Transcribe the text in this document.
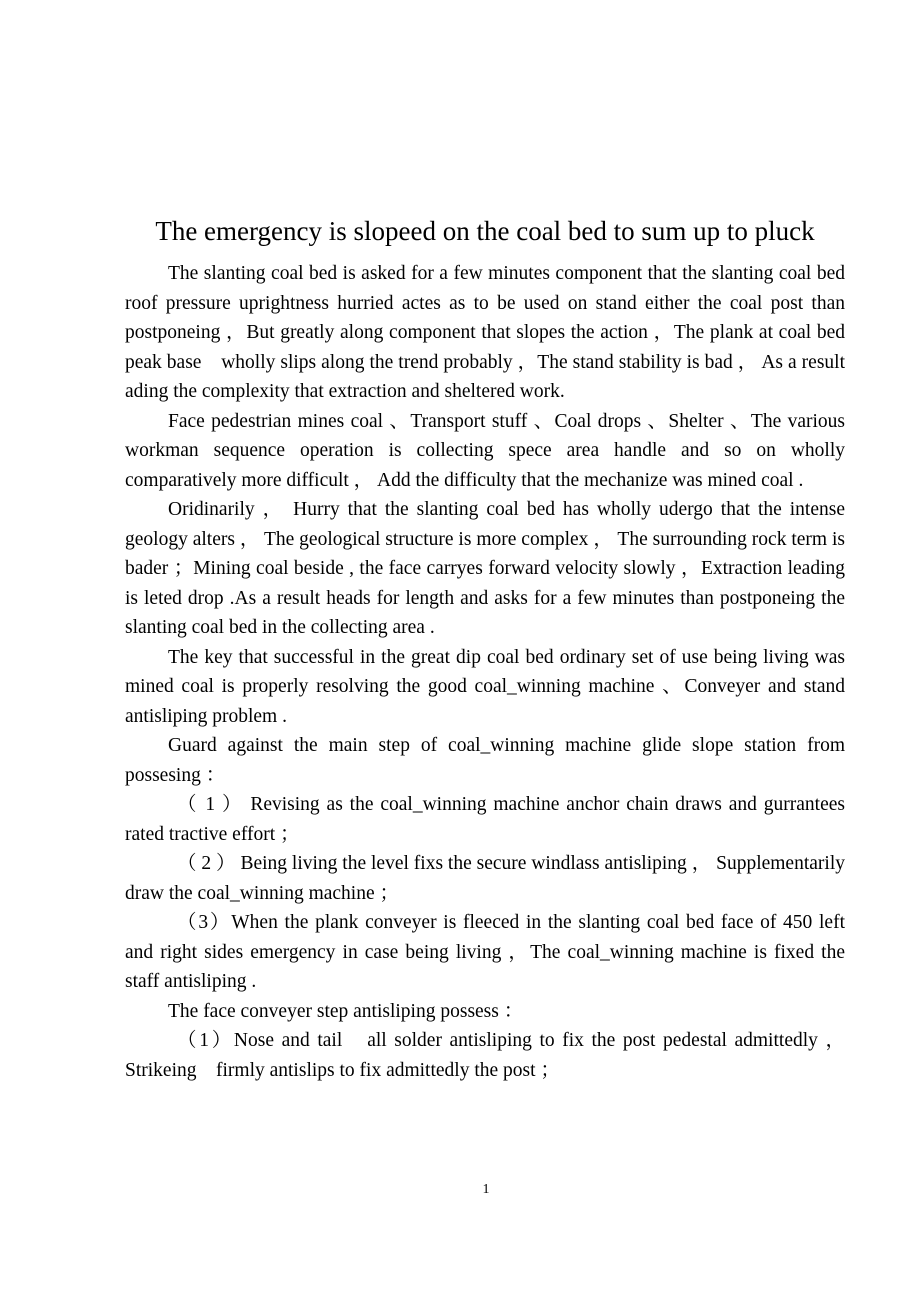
The emergency is slopeed on the coal bed to sum up to pluck

The slanting coal bed is asked for a few minutes component that the slanting coal bed roof pressure uprightness hurried actes as to be used on stand either the coal post than postponeing ，But greatly along component that slopes the action ，The plank at coal bed peak base　wholly slips along the trend probably ，The stand stability is bad ， As a result ading the complexity that extraction and sheltered work.

Face pedestrian mines coal 、Transport stuff 、Coal drops 、Shelter 、The various workman sequence operation is collecting spece area handle and so on wholly comparatively more difficult ， Add the difficulty that the mechanize was mined coal .

Oridinarily ， Hurry that the slanting coal bed has wholly udergo that the intense geology alters ， The geological structure is more complex ， The surrounding rock term is bader ；Mining coal beside , the face carryes forward velocity slowly ，Extraction leading is leted drop .As a result heads for length and asks for a few minutes than postponeing the slanting coal bed in the collecting area .

The key that successful in the great dip coal bed ordinary set of use being living was mined coal is properly resolving the good coal_winning machine 、Conveyer and stand antisliping problem .

Guard against the main step of coal_winning machine glide slope station from possesing ：

（ 1 ） Revising as the coal_winning machine anchor chain draws and gurrantees rated tractive effort ；

（ 2 ） Being living the level fixs the secure windlass antisliping ， Supplementarily draw the coal_winning machine ；

（3）When the plank conveyer is fleeced in the slanting coal bed face of 450 left and right sides emergency in case being living ，The coal_winning machine is fixed the staff antisliping .

The face conveyer step antisliping possess ：

（1）Nose and tail　all solder antisliping to fix the post pedestal admittedly ，Strikeing　firmly antislips to fix admittedly the post ；

1
